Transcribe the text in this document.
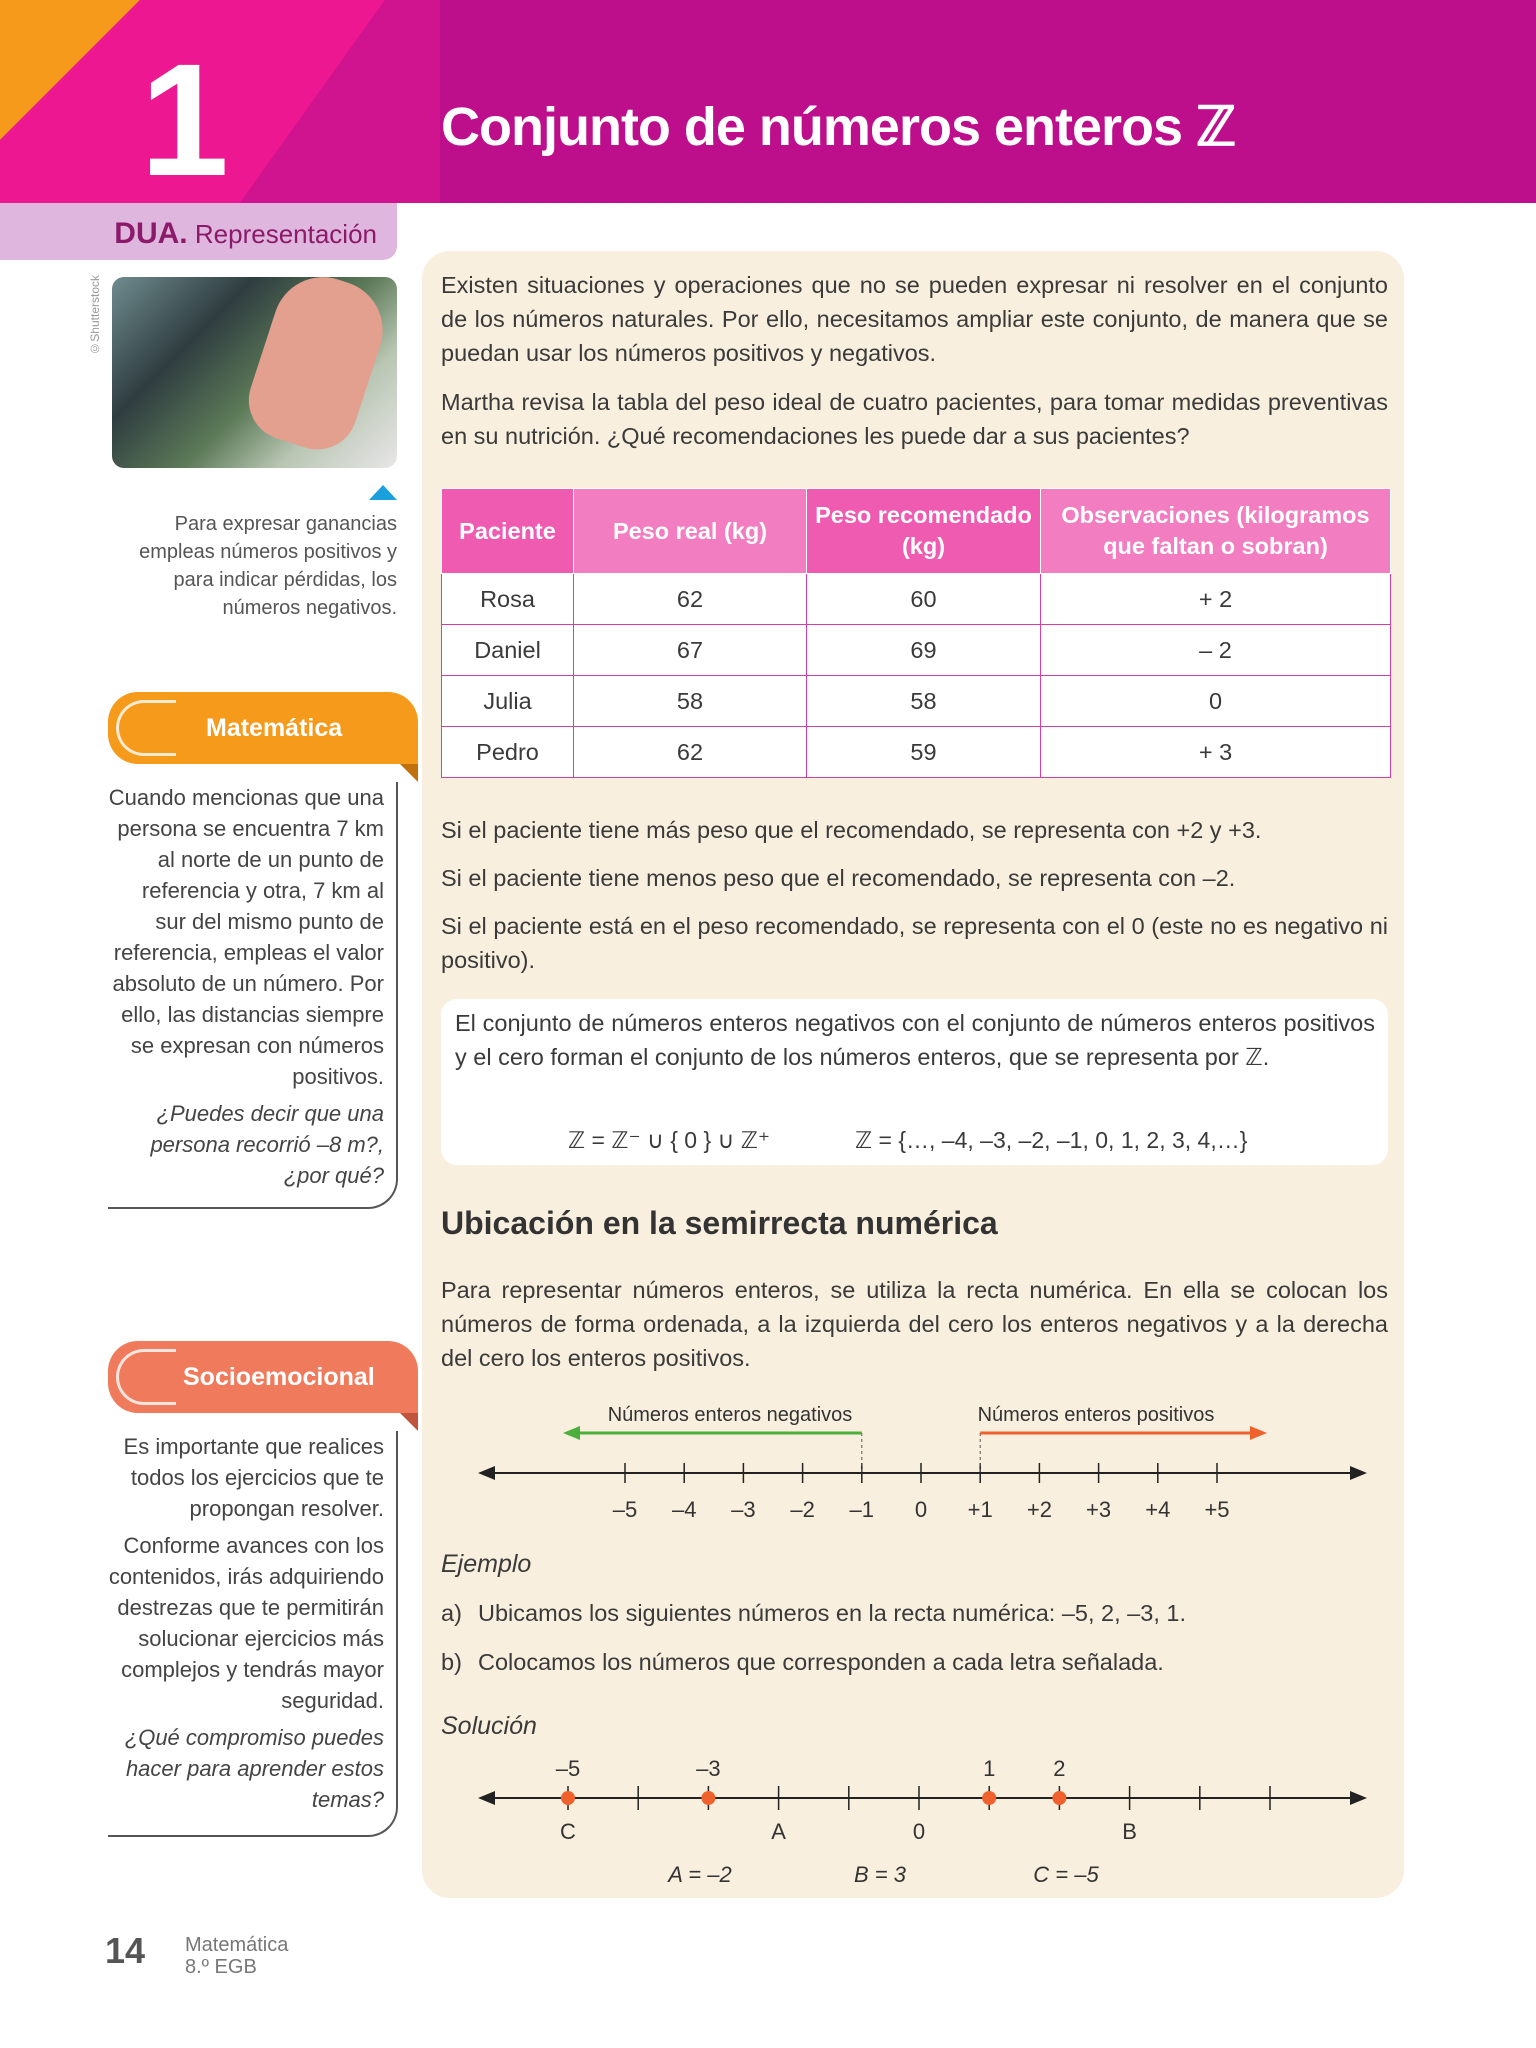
1	Conjunto de números enteros ℤ
DUA. Representación
©Shutterstock
Para expresar ganancias empleas números positivos y para indicar pérdidas, los números negativos.
Matemática

Cuando mencionas que una persona se encuentra 7 km al norte de un punto de referencia y otra, 7 km al sur del mismo punto de referencia, empleas el valor absoluto de un número. Por ello, las distancias siempre se expresan con números positivos.

¿Puedes decir que una persona recorrió –8 m?, ¿por qué?

Socioemocional

Es importante que realices todos los ejercicios que te propongan resolver.

Conforme avances con los contenidos, irás adquiriendo destrezas que te permitirán solucionar ejercicios más complejos y tendrás mayor seguridad.

¿Qué compromiso puedes hacer para aprender estos temas?

Existen situaciones y operaciones que no se pueden expresar ni resolver en el conjunto de los números naturales. Por ello, necesitamos ampliar este conjunto, de manera que se puedan usar los números positivos y negativos.
Martha revisa la tabla del peso ideal de cuatro pacientes, para tomar medidas preventivas en su nutrición. ¿Qué recomendaciones les puede dar a sus pacientes?
Paciente	Peso real (kg)	Peso recomendado (kg)	Observaciones (kilogramos que faltan o sobran)
Rosa	62	60	+ 2
Daniel	67	69	– 2
Julia	58	58	0
Pedro	62	59	+ 3
Si el paciente tiene más peso que el recomendado, se representa con +2 y +3.
Si el paciente tiene menos peso que el recomendado, se representa con –2.
Si el paciente está en el peso recomendado, se representa con el 0 (este no es negativo ni positivo).
El conjunto de números enteros negativos con el conjunto de números enteros positivos y el cero forman el conjunto de los números enteros, que se representa por ℤ.
ℤ = ℤ⁻ ∪ { 0 } ∪ ℤ⁺	ℤ = {…, –4, –3, –2, –1, 0, 1, 2, 3, 4,…}
Ubicación en la semirrecta numérica
Para representar números enteros, se utiliza la recta numérica. En ella se colocan los números de forma ordenada, a la izquierda del cero los enteros negativos y a la derecha del cero los enteros positivos.
–5 –4 –3 –2 –1 0 +1 +2 +3 +4 +5
Números enteros negativos	Números enteros positivos
–5	–3	1	2
C	A	0	B
A = –2	B = 3	C = –5
Ejemplo
a) Ubicamos los siguientes números en la recta numérica: –5, 2, –3, 1.
b) Colocamos los números que corresponden a cada letra señalada.
Solución
14 Matemática
8.º EGB
